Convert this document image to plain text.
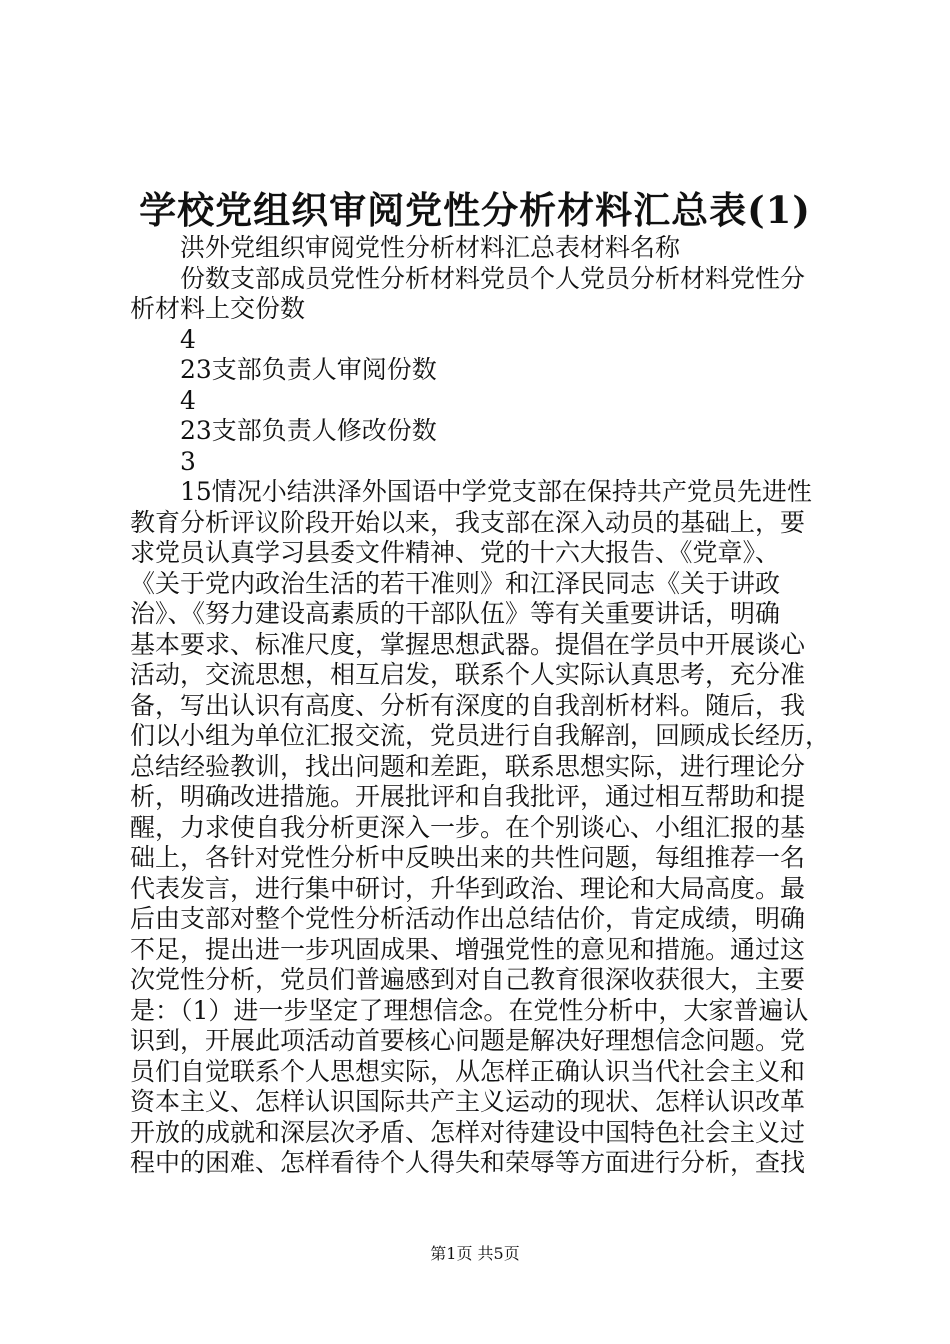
学校党组织审阅党性分析材料汇总表(1)
洪外党组织审阅党性分析材料汇总表材料名称
份数支部成员党性分析材料党员个人党员分析材料党性分
析材料上交份数
4
23支部负责人审阅份数
4
23支部负责人修改份数
3
15情况小结洪泽外国语中学党支部在保持共产党员先进性
教育分析评议阶段开始以来，我支部在深入动员的基础上，要
求党员认真学习县委文件精神、党的十六大报告、《党章》、
《关于党内政治生活的若干准则》和江泽民同志《关于讲政
治》、《努力建设高素质的干部队伍》等有关重要讲话，明确
基本要求、标准尺度，掌握思想武器。提倡在学员中开展谈心
活动，交流思想，相互启发，联系个人实际认真思考，充分准
备，写出认识有高度、分析有深度的自我剖析材料。随后，我
们以小组为单位汇报交流，党员进行自我解剖，回顾成长经历，
总结经验教训，找出问题和差距，联系思想实际，进行理论分
析，明确改进措施。开展批评和自我批评，通过相互帮助和提
醒，力求使自我分析更深入一步。在个别谈心、小组汇报的基
础上，各针对党性分析中反映出来的共性问题，每组推荐一名
代表发言，进行集中研讨，升华到政治、理论和大局高度。最
后由支部对整个党性分析活动作出总结估价，肯定成绩，明确
不足，提出进一步巩固成果、增强党性的意见和措施。通过这
次党性分析，党员们普遍感到对自己教育很深收获很大，主要
是：（1）进一步坚定了理想信念。在党性分析中，大家普遍认
识到，开展此项活动首要核心问题是解决好理想信念问题。党
员们自觉联系个人思想实际，从怎样正确认识当代社会主义和
资本主义、怎样认识国际共产主义运动的现状、怎样认识改革
开放的成就和深层次矛盾、怎样对待建设中国特色社会主义过
程中的困难、怎样看待个人得失和荣辱等方面进行分析，查找
第1页 共5页
